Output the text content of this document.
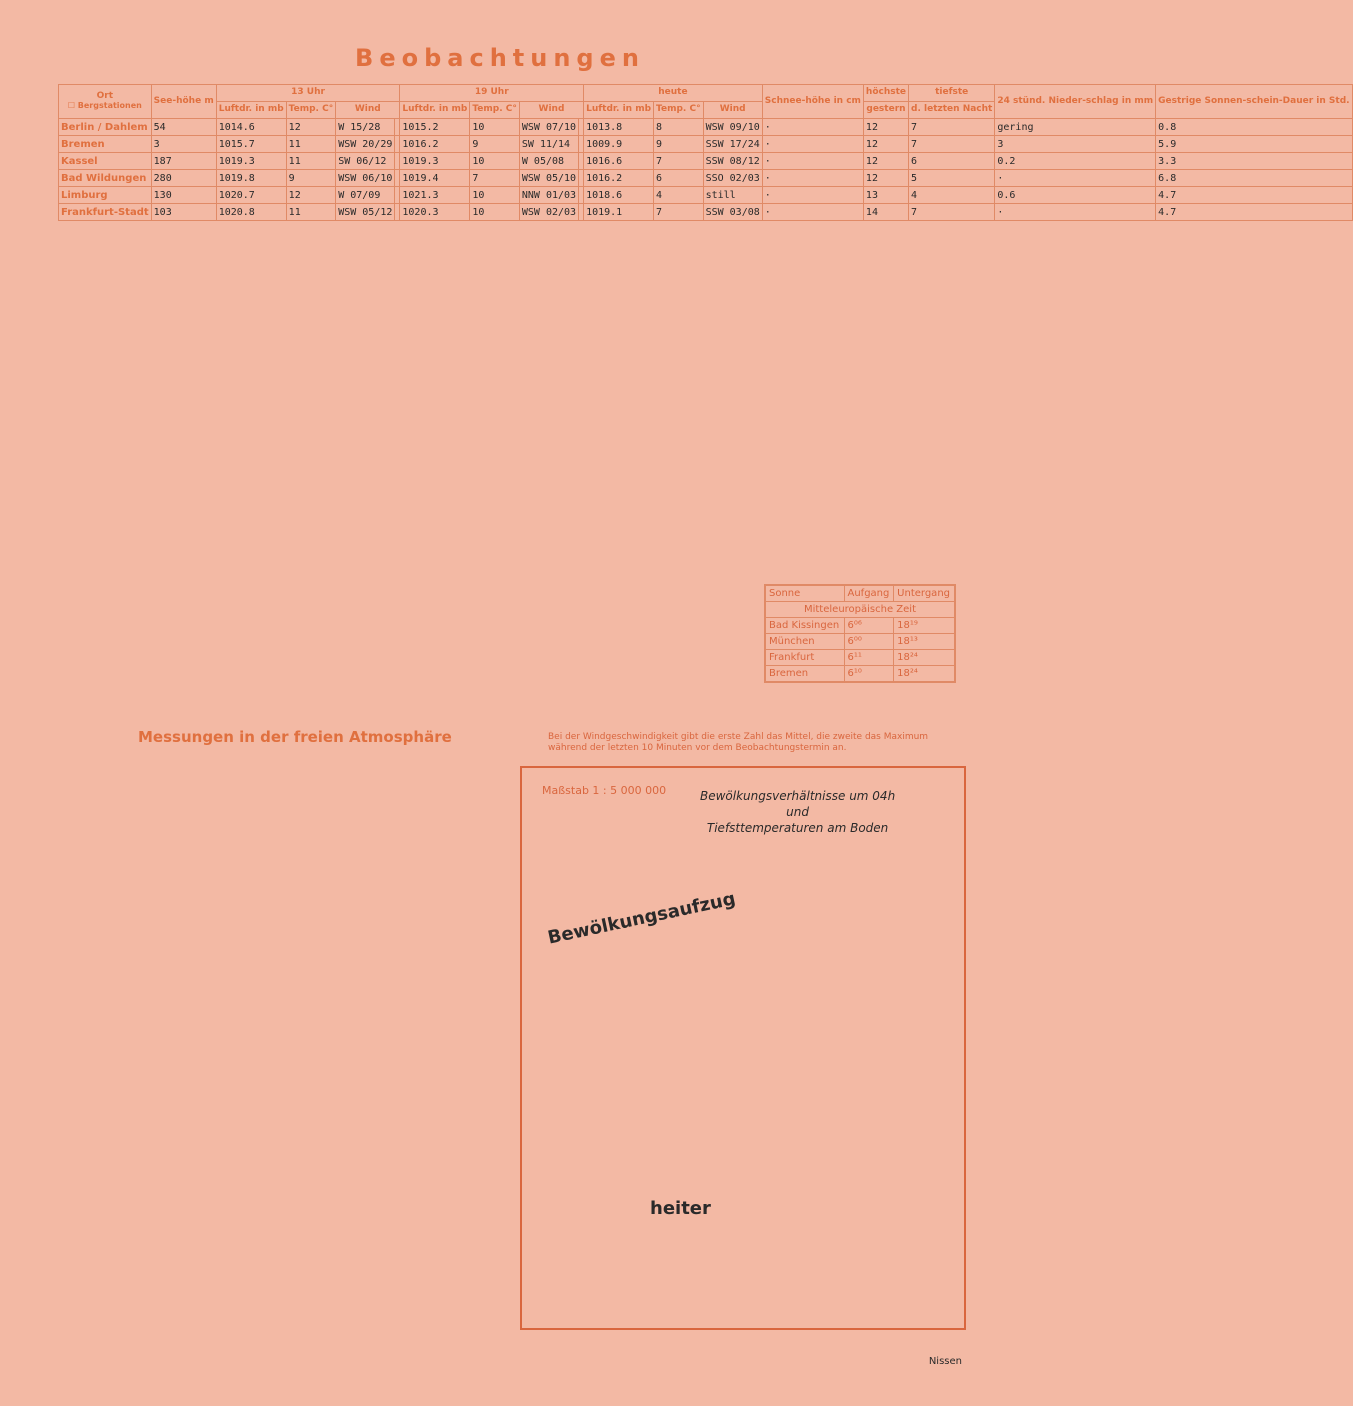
Beobachtungen
Ort
☐ Bergstationen	See-höhe m	13 Uhr				19 Uhr				heute			Schnee-höhe in cm	höchste	tiefste	24 stünd. Nieder-schlag in mm	Gestrige Sonnen-schein-Dauer in Std.
		Luftdr. in mb	Temp. C°	Wind		Luftdr. in mb	Temp. C°	Wind		Luftdr. in mb	Temp. C°	Wind		gestern	d. letzten Nacht		
Berlin / Dahlem	54	1014.6	12	W 15/28		1015.2	10	WSW 07/10		1013.8	8	WSW 09/10	·	12	7	gering	0.8
Bremen	3	1015.7	11	WSW 20/29		1016.2	9	SW 11/14		1009.9	9	SSW 17/24	·	12	7	3	5.9
Kassel	187	1019.3	11	SW 06/12		1019.3	10	W 05/08		1016.6	7	SSW 08/12	·	12	6	0.2	3.3
Bad Wildungen	280	1019.8	9	WSW 06/10		1019.4	7	WSW 05/10		1016.2	6	SSO 02/03	·	12	5	·	6.8
Limburg	130	1020.7	12	W 07/09		1021.3	10	NNW 01/03		1018.6	4	still	·	13	4	0.6	4.7
Frankfurt-Stadt	103	1020.8	11	WSW 05/12		1020.3	10	WSW 02/03		1019.1	7	SSW 03/08	·	14	7	·	4.7
Sonne	Aufgang	Untergang
Mitteleuropäische Zeit		
Bad Kissingen	6⁰⁶	18¹⁹
München	6⁰⁰	18¹³
Frankfurt	6¹¹	18²⁴
Bremen	6¹⁰	18²⁴
Bei der Windgeschwindigkeit gibt die erste Zahl das Mittel, die zweite das Maximum während der letzten 10 Minuten vor dem Beobachtungstermin an.
Messungen in der freien Atmosphäre
Maßstab 1 : 5 000 000	Bewölkungsverhältnisse um 04h
und
Tiefsttemperaturen am Boden
Bewölkungsaufzug
heiter
Nissen
